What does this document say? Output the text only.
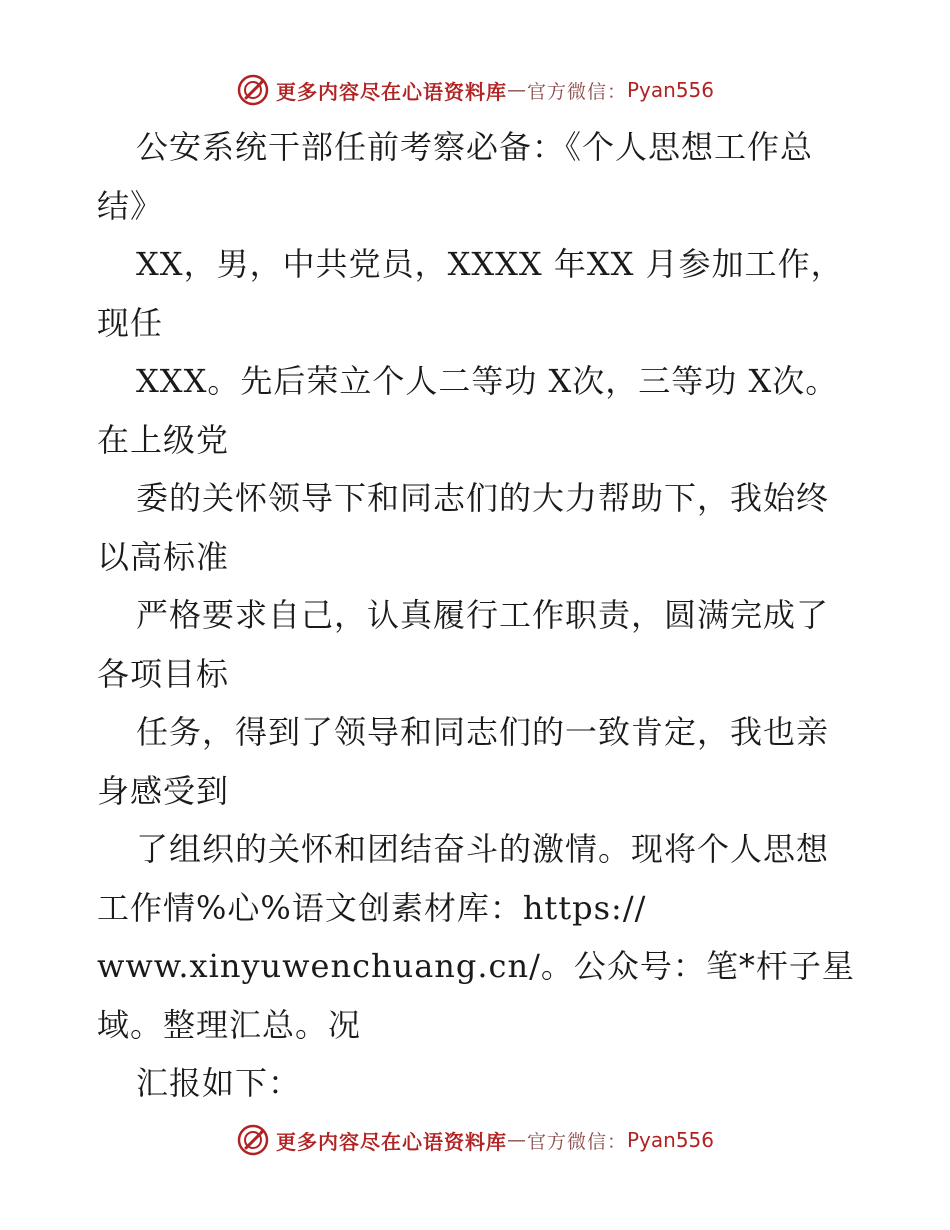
更多内容尽在心语资料库 — 官方微信： Pyan556
公安系统干部任前考察必备：《个人思想工作总
结》
XX，男，中共党员，XXXX 年XX 月参加工作，
现任
XXX。先后荣立个人二等功 X次，三等功 X次。
在上级党
委的关怀领导下和同志们的大力帮助下，我始终
以高标准
严格要求自己，认真履行工作职责，圆满完成了
各项目标
任务，得到了领导和同志们的一致肯定，我也亲
身感受到
了组织的关怀和团结奋斗的激情。现将个人思想
工作情%心%语文创素材库：https://
www.xinyuwenchuang.cn/。公众号：笔*杆子星
域。整理汇总。况
汇报如下：
更多内容尽在心语资料库 — 官方微信： Pyan556
